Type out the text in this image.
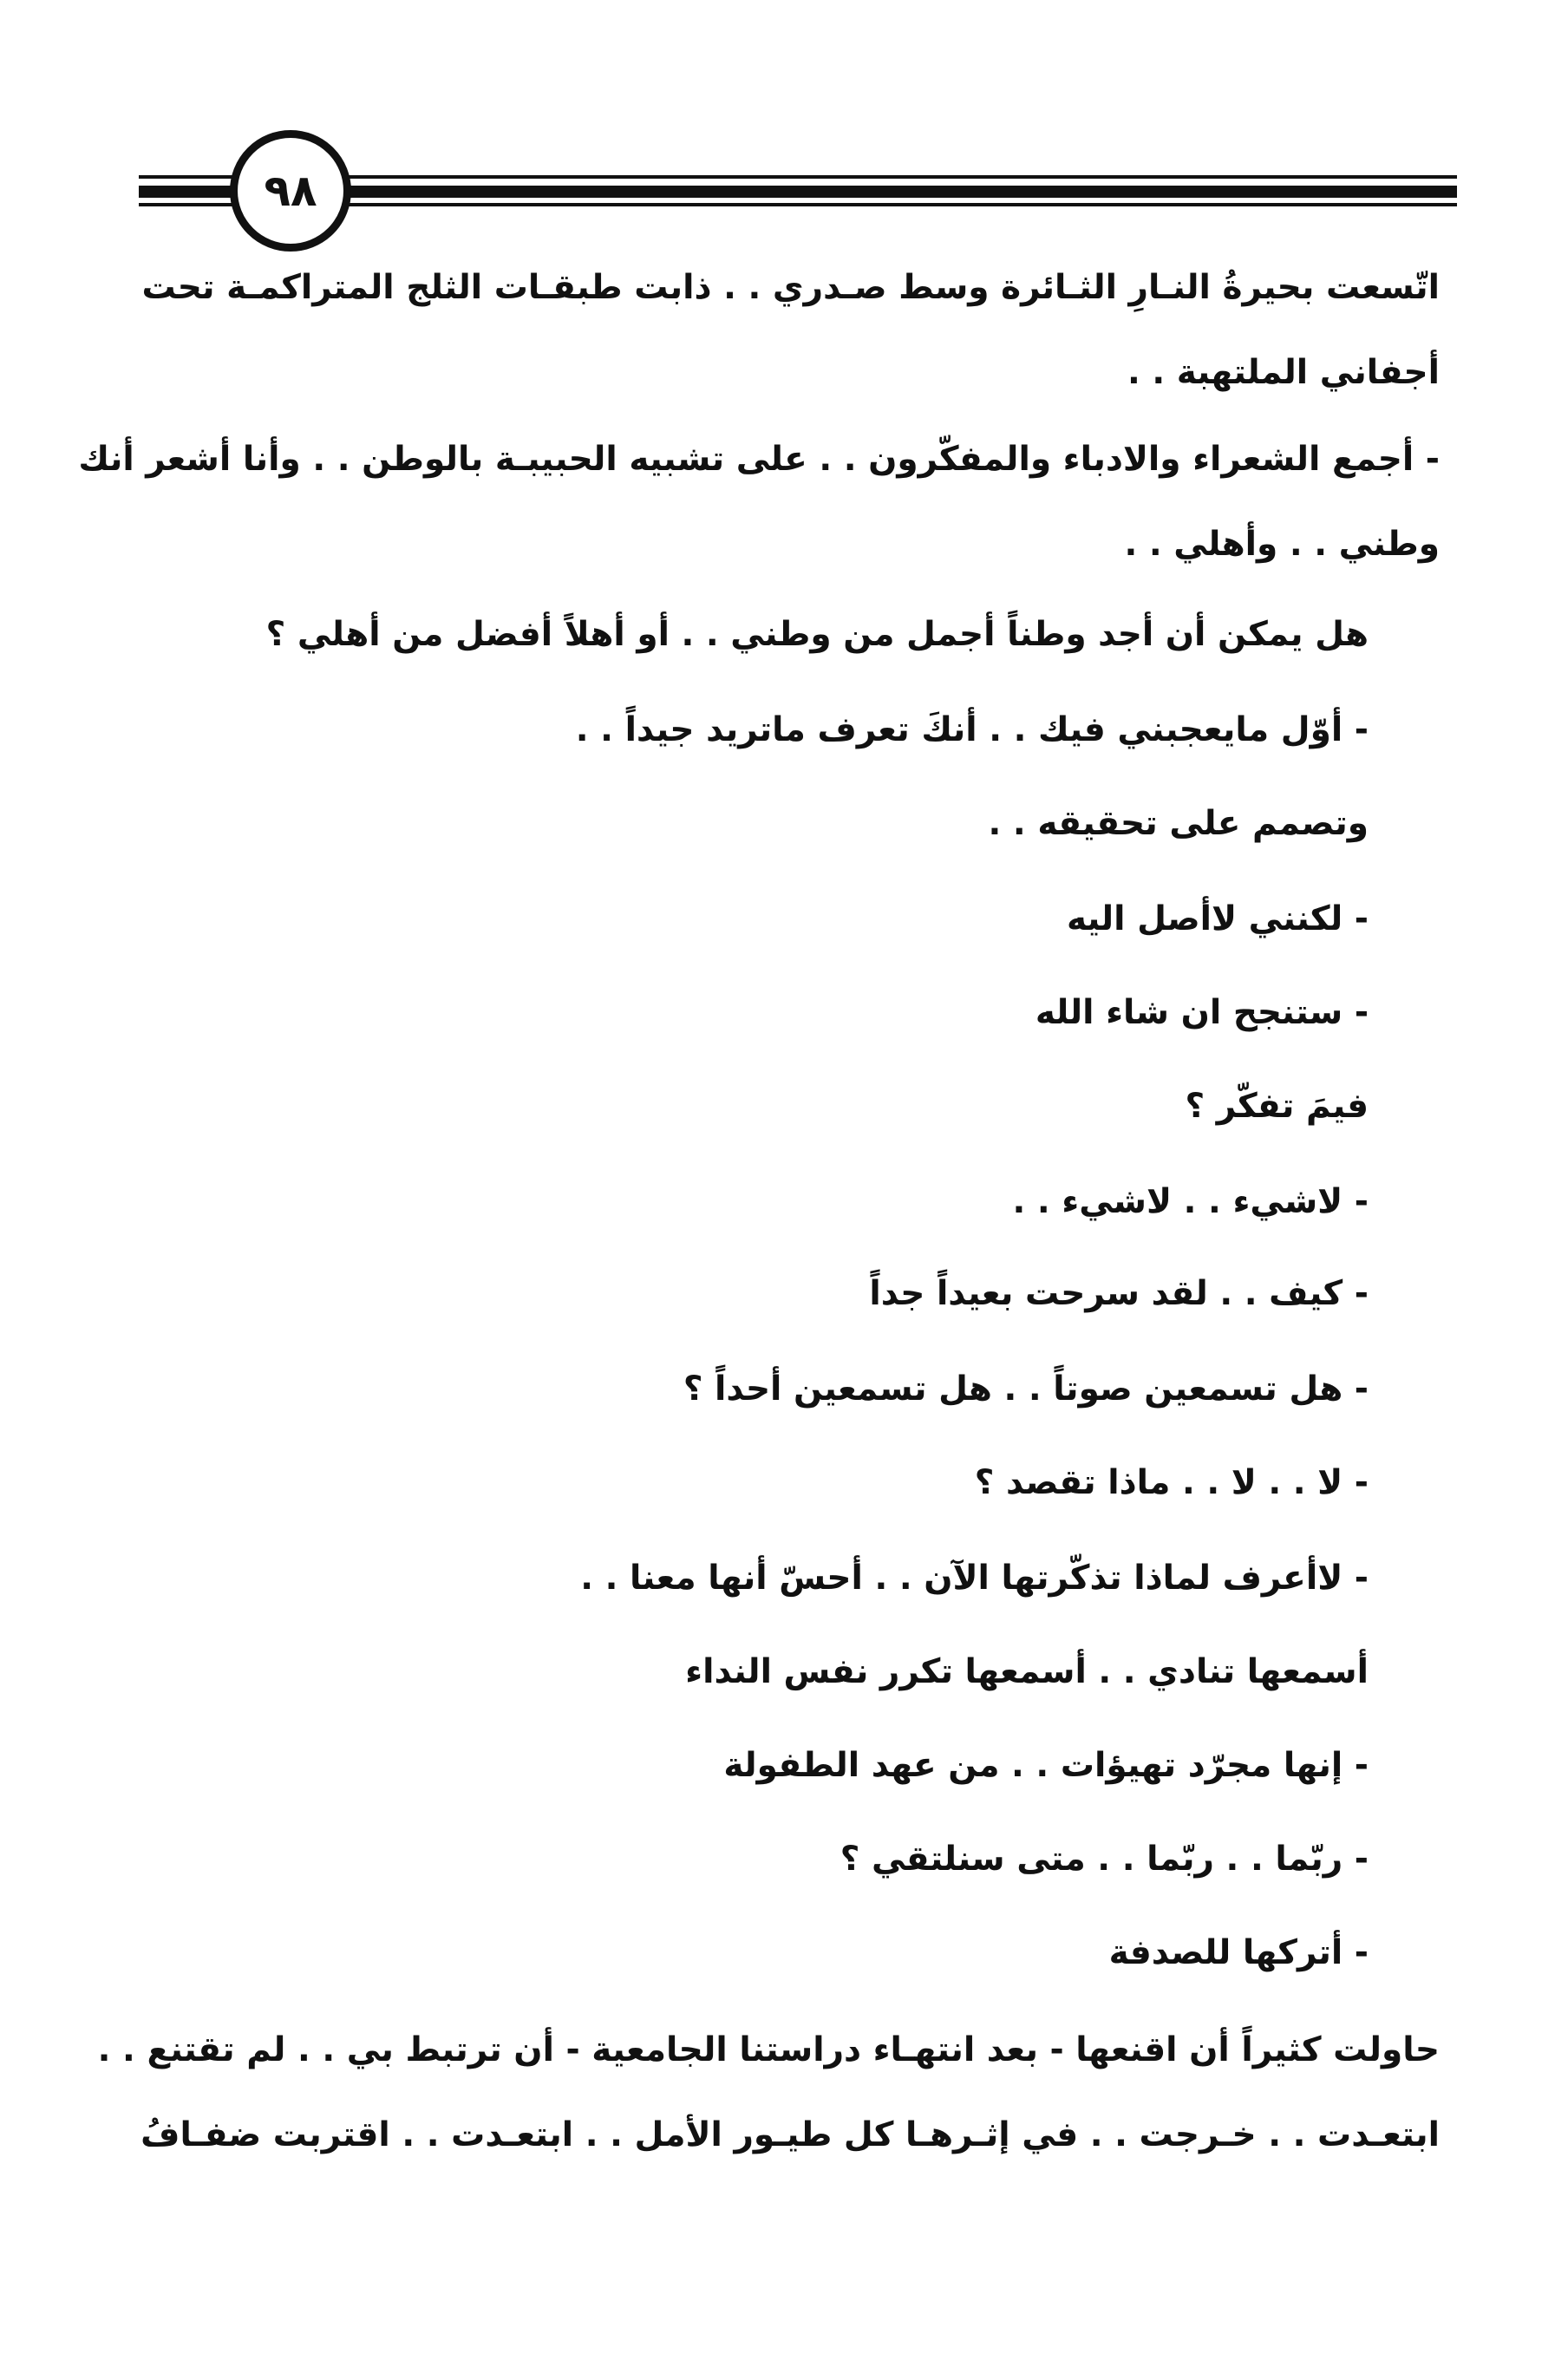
٩٨
اتّسعت بحيرةُ النـارِ الثـائرة وسط صـدري . . ذابت طبقـات الثلج المتراكمـة تحت
أجفاني الملتهبة . .
- أجمع الشعراء والادباء والمفكّرون . . على تشبيه الحبيبـة بالوطن . . وأنا أشعر أنك
وطني . . وأهلي . .
هل يمكن أن أجد وطناً أجمل من وطني . . أو أهلاً أفضل من أهلي ؟
- أوّل مايعجبني فيك . . أنكَ تعرف ماتريد جيداً . .
وتصمم على تحقيقه . .
- لكنني لاأصل اليه
- ستنجح ان شاء الله
فيمَ تفكّر ؟
- لاشيء . . لاشيء . .
- كيف . . لقد سرحت بعيداً جداً
- هل تسمعين صوتاً . . هل تسمعين أحداً ؟
- لا . . لا . . ماذا تقصد ؟
- لاأعرف لماذا تذكّرتها الآن . . أحسّ أنها معنا . .
أسمعها تنادي . . أسمعها تكرر نفس النداء
- إنها مجرّد تهيؤات . . من عهد الطفولة
- ربّما . . ربّما . . متى سنلتقي ؟
- أتركها للصدفة
حاولت كثيراً أن اقنعها - بعد انتهـاء دراستنا الجامعية - أن ترتبط بي . . لم تقتنع . .
ابتعـدت . . خـرجت . . في إثـرهـا كل طيـور الأمل . . ابتعـدت . . اقتربت ضفـافُ
